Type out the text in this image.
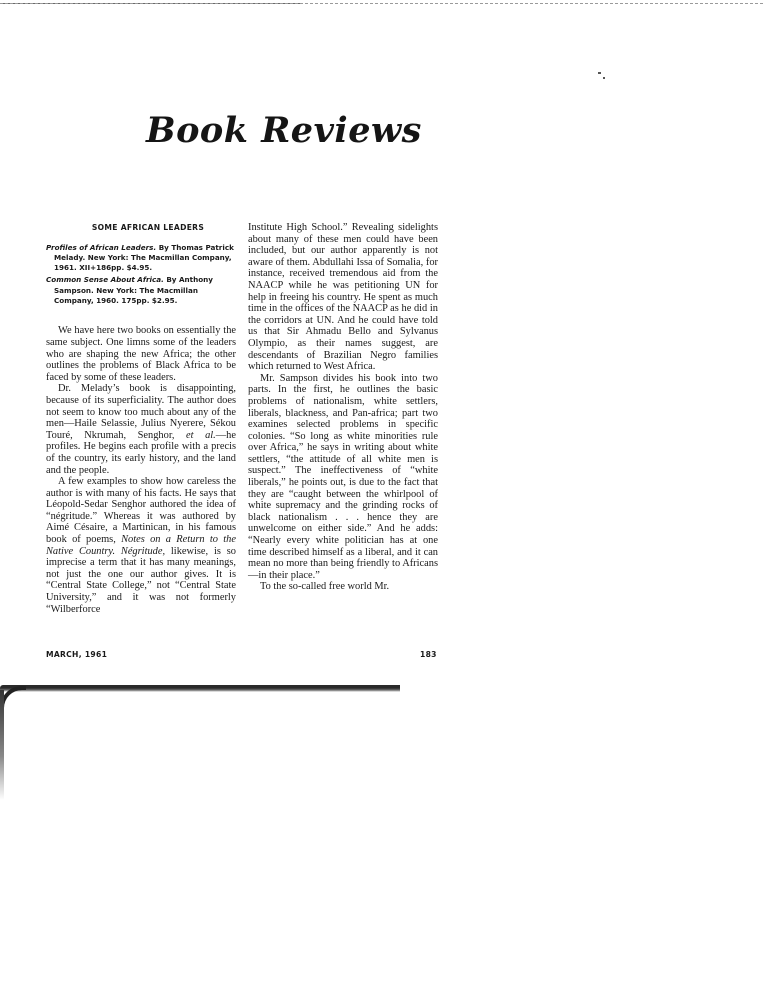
Book Reviews
SOME AFRICAN LEADERS
Profiles of African Leaders. By Thomas Patrick Melady. New York: The Macmillan Company, 1961. XII+186pp. $4.95.
Common Sense About Africa. By Anthony Sampson. New York: The Macmillan Company, 1960. 175pp. $2.95.

We have here two books on essentially the same subject. One limns some of the leaders who are shaping the new Africa; the other outlines the problems of Black Africa to be faced by some of these leaders.

Dr. Melady’s book is disappointing, because of its superficiality. The author does not seem to know too much about any of the men—Haile Selassie, Julius Nyerere, Sékou Touré, Nkrumah, Senghor, et al.—he profiles. He begins each profile with a precis of the country, its early history, and the land and the people.

A few examples to show how careless the author is with many of his facts. He says that Léopold-Sedar Senghor authored the idea of “négritude.” Whereas it was authored by Aimé Césaire, a Martinican, in his famous book of poems, Notes on a Return to the Native Country. Négritude, likewise, is so imprecise a term that it has many meanings, not just the one our author gives. It is “Central State College,” not “Central State University,” and it was not formerly “Wilberforce

Institute High School.” Revealing sidelights about many of these men could have been included, but our author apparently is not aware of them. Abdullahi Issa of Somalia, for instance, received tremendous aid from the NAACP while he was petitioning UN for help in freeing his country. He spent as much time in the offices of the NAACP as he did in the corridors at UN. And he could have told us that Sir Ahmadu Bello and Sylvanus Olympio, as their names suggest, are descendants of Brazilian Negro families which returned to West Africa.

Mr. Sampson divides his book into two parts. In the first, he outlines the basic problems of nationalism, white settlers, liberals, blackness, and Pan-africa; part two examines selected problems in specific colonies. “So long as white minorities rule over Africa,” he says in writing about white settlers, “the attitude of all white men is suspect.” The ineffectiveness of “white liberals,” he points out, is due to the fact that they are “caught between the whirlpool of white supremacy and the grinding rocks of black nationalism . . . hence they are unwelcome on either side.” And he adds: “Nearly every white politician has at one time described himself as a liberal, and it can mean no more than being friendly to Africans—in their place.”

To the so-called free world Mr.

MARCH, 1961	183
